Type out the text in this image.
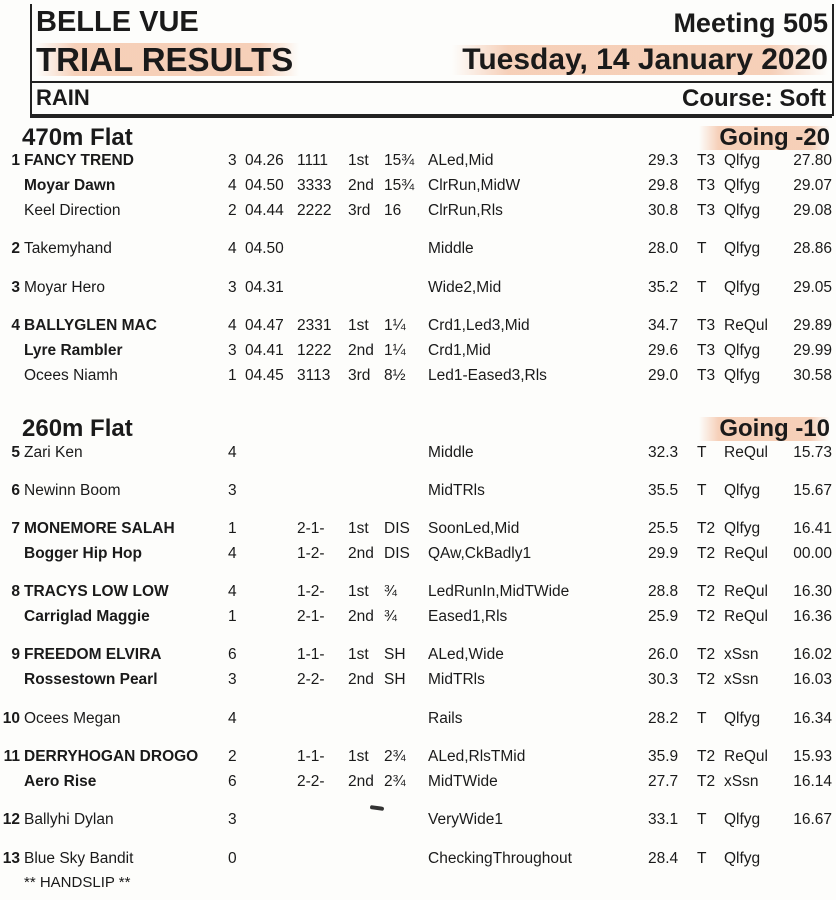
BELLE VUE
TRIAL RESULTS
Meeting 505
Tuesday, 14 January 2020
RAIN	Course: Soft
470m Flat	Going -20
260m Flat	Going -10
1 FANCY TREND	3 04.26 1111 1st 15¾ ALed,Mid	29.3 T3 Qlfyg	27.80
Moyar Dawn	4 04.50 3333 2nd 15¾ ClrRun,MidW	29.8 T3 Qlfyg	29.07
Keel Direction	2 04.44 2222 3rd 16 ClrRun,Rls	30.8 T3 Qlfyg	29.08
2 Takemyhand	4 04.50	Middle	28.0 T Qlfyg	28.86
3 Moyar Hero	3 04.31	Wide2,Mid	35.2 T Qlfyg	29.05
4 BALLYGLEN MAC	4 04.47 2331 1st 1¼ Crd1,Led3,Mid	34.7 T3 ReQul	29.89
Lyre Rambler	3 04.41 1222 2nd 1¼ Crd1,Mid	29.6 T3 Qlfyg	29.99
Ocees Niamh	1 04.45 3113 3rd 8½ Led1-Eased3,Rls	29.0 T3 Qlfyg	30.58
5 Zari Ken	4	Middle	32.3 T ReQul	15.73
6 Newinn Boom	3	MidTRls	35.5 T Qlfyg	15.67
7 MONEMORE SALAH	1	2-1- 1st DIS SoonLed,Mid	25.5 T2 Qlfyg	16.41
Bogger Hip Hop	4	1-2- 2nd DIS QAw,CkBadly1	29.9 T2 ReQul	00.00
8 TRACYS LOW LOW	4	1-2- 1st ¾ LedRunIn,MidTWide	28.8 T2 ReQul	16.30
Carriglad Maggie	1	2-1- 2nd ¾ Eased1,Rls	25.9 T2 ReQul	16.36
9 FREEDOM ELVIRA	6	1-1- 1st SH ALed,Wide	26.0 T2 xSsn	16.02
Rossestown Pearl	3	2-2- 2nd SH MidTRls	30.3 T2 xSsn	16.03
10 Ocees Megan	4	Rails	28.2 T Qlfyg	16.34
11 DERRYHOGAN DROGO 2	1-1- 1st 2¾ ALed,RlsTMid	35.9 T2 ReQul	15.93
Aero Rise	6	2-2- 2nd 2¾ MidTWide	27.7 T2 xSsn	16.14
12 Ballyhi Dylan	3	VeryWide1	33.1 T Qlfyg	16.67
13 Blue Sky Bandit	0	CheckingThroughout	28.4 T Qlfyg
** HANDSLIP **
